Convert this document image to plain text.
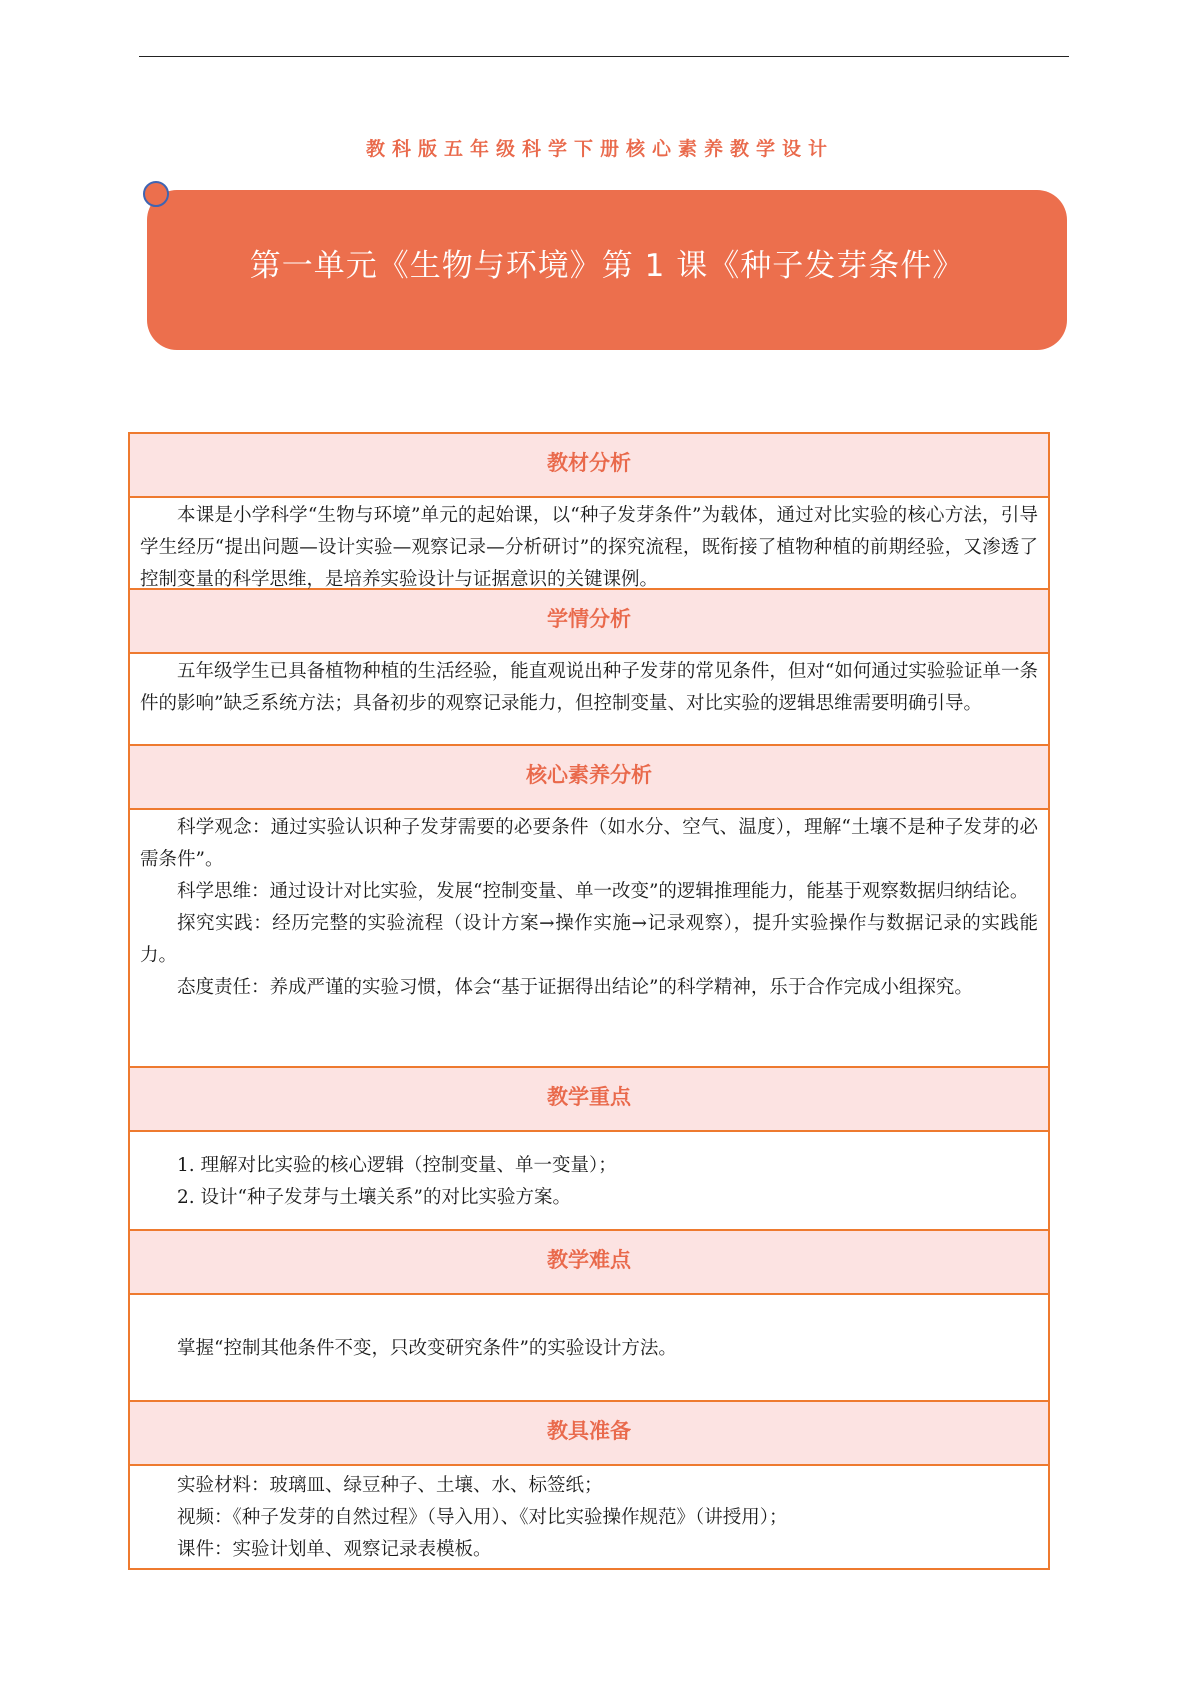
教科版五年级科学下册核心素养教学设计
第一单元《生物与环境》第 1 课《种子发芽条件》
教材分析

本课是小学科学“生物与环境”单元的起始课，以“种子发芽条件”为载体，通过对比实验的核心方法，引导学生经历“提出问题—设计实验—观察记录—分析研讨”的探究流程，既衔接了植物种植的前期经验，又渗透了控制变量的科学思维，是培养实验设计与证据意识的关键课例。

学情分析

五年级学生已具备植物种植的生活经验，能直观说出种子发芽的常见条件，但对“如何通过实验验证单一条件的影响”缺乏系统方法；具备初步的观察记录能力，但控制变量、对比实验的逻辑思维需要明确引导。

核心素养分析

科学观念：通过实验认识种子发芽需要的必要条件（如水分、空气、温度），理解“土壤不是种子发芽的必需条件”。

科学思维：通过设计对比实验，发展“控制变量、单一改变”的逻辑推理能力，能基于观察数据归纳结论。

探究实践：经历完整的实验流程（设计方案→操作实施→记录观察），提升实验操作与数据记录的实践能力。

态度责任：养成严谨的实验习惯，体会“基于证据得出结论”的科学精神，乐于合作完成小组探究。

教学重点

1. 理解对比实验的核心逻辑（控制变量、单一变量）；

2. 设计“种子发芽与土壤关系”的对比实验方案。

教学难点

掌握“控制其他条件不变，只改变研究条件”的实验设计方法。

教具准备

实验材料：玻璃皿、绿豆种子、土壤、水、标签纸；

视频：《种子发芽的自然过程》（导入用）、《对比实验操作规范》（讲授用）；

课件：实验计划单、观察记录表模板。
